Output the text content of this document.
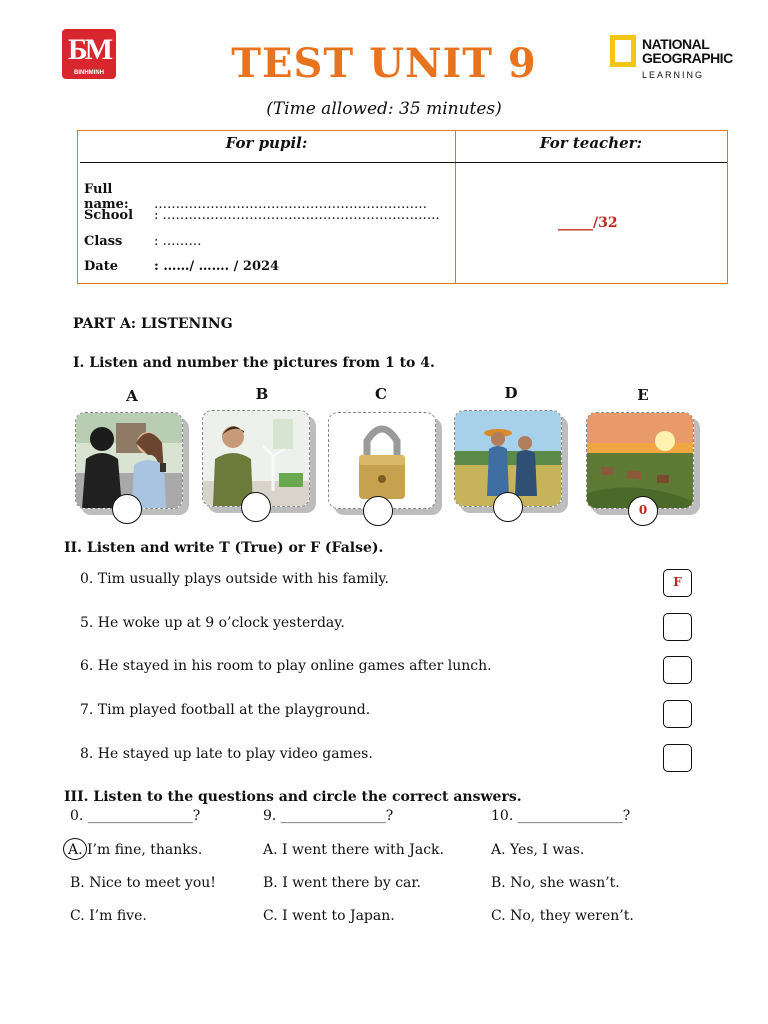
ƂM
BINHMINH	TEST UNIT 9
(Time allowed: 35 minutes)
NATIONAL
GEOGRAPHIC
LEARNING
For pupil:	For teacher:
Full name: ………………………………………………………
School : ……………………………………………………….
Class : ………
Date	: ……/ ……. / 2024
_____/32
PART A: LISTENING
I. Listen and number the pictures from 1 to 4.
A	B	C	D	E
0
II. Listen and write T (True) or F (False).
0. Tim usually plays outside with his family.	F
5. He woke up at 9 o’clock yesterday.
6. He stayed in his room to play online games after lunch.
7. Tim played football at the playground.
8. He stayed up late to play video games.
III. Listen to the questions and circle the correct answers.
0. _______________?	9. _______________?	10. _______________?
A. I’m fine, thanks.
B. Nice to meet you!
C. I’m five.
A. I went there with Jack.
B. I went there by car.
C. I went to Japan.
A. Yes, I was.
B. No, she wasn’t.
C. No, they weren’t.
